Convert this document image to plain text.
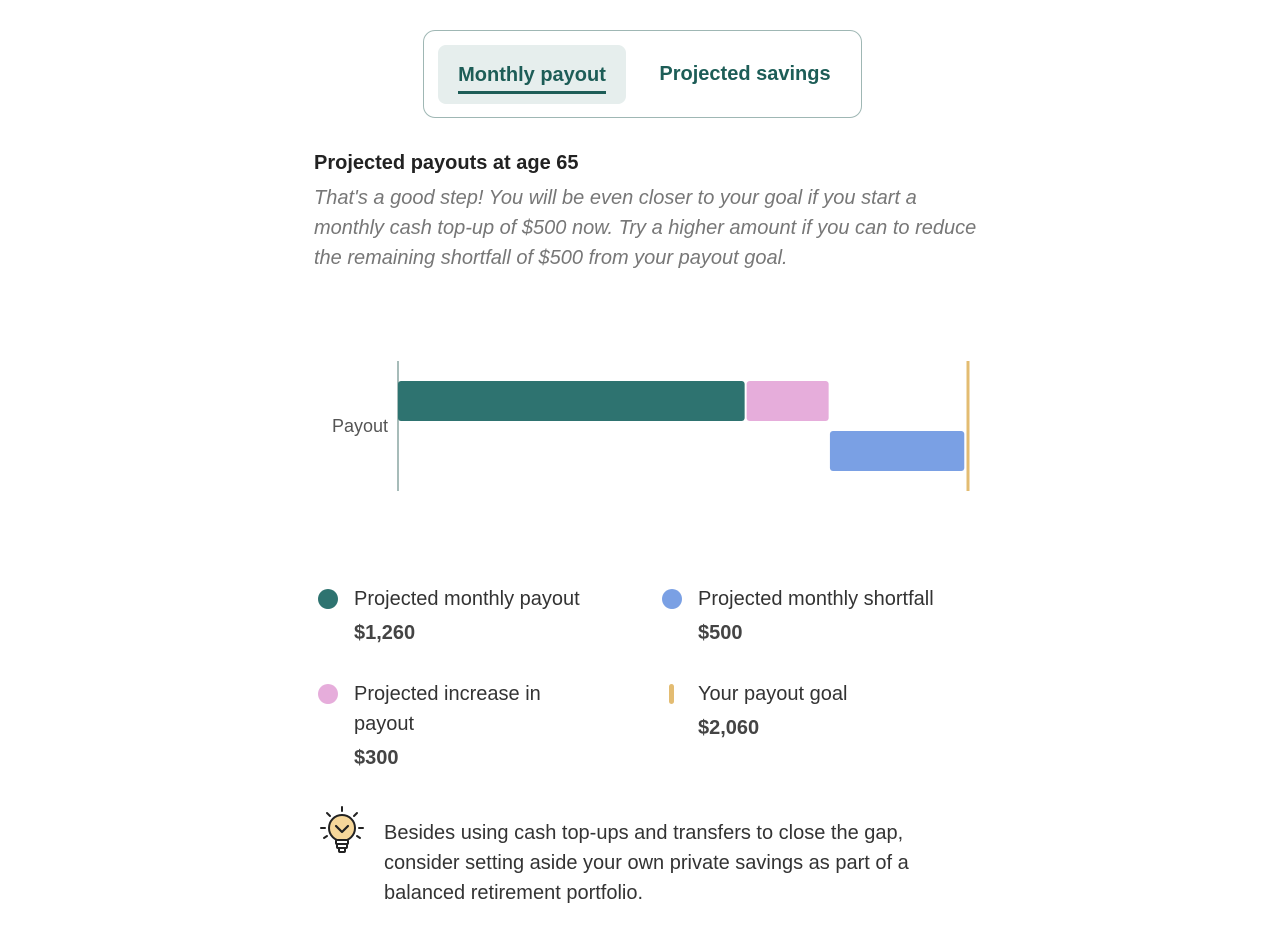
Monthly payout	Projected savings
Projected payouts at age 65
That's a good step! You will be even closer to your goal if you start a monthly cash top-up of $500 now. Try a higher amount if you can to reduce the remaining shortfall of $500 from your payout goal.
Payout
Projected monthly payout
$1,260
Projected monthly shortfall
$500
Projected increase in
payout
$300
Your payout goal
$2,060
Besides using cash top-ups and transfers to close the gap, consider setting aside your own private savings as part of a balanced retirement portfolio.
